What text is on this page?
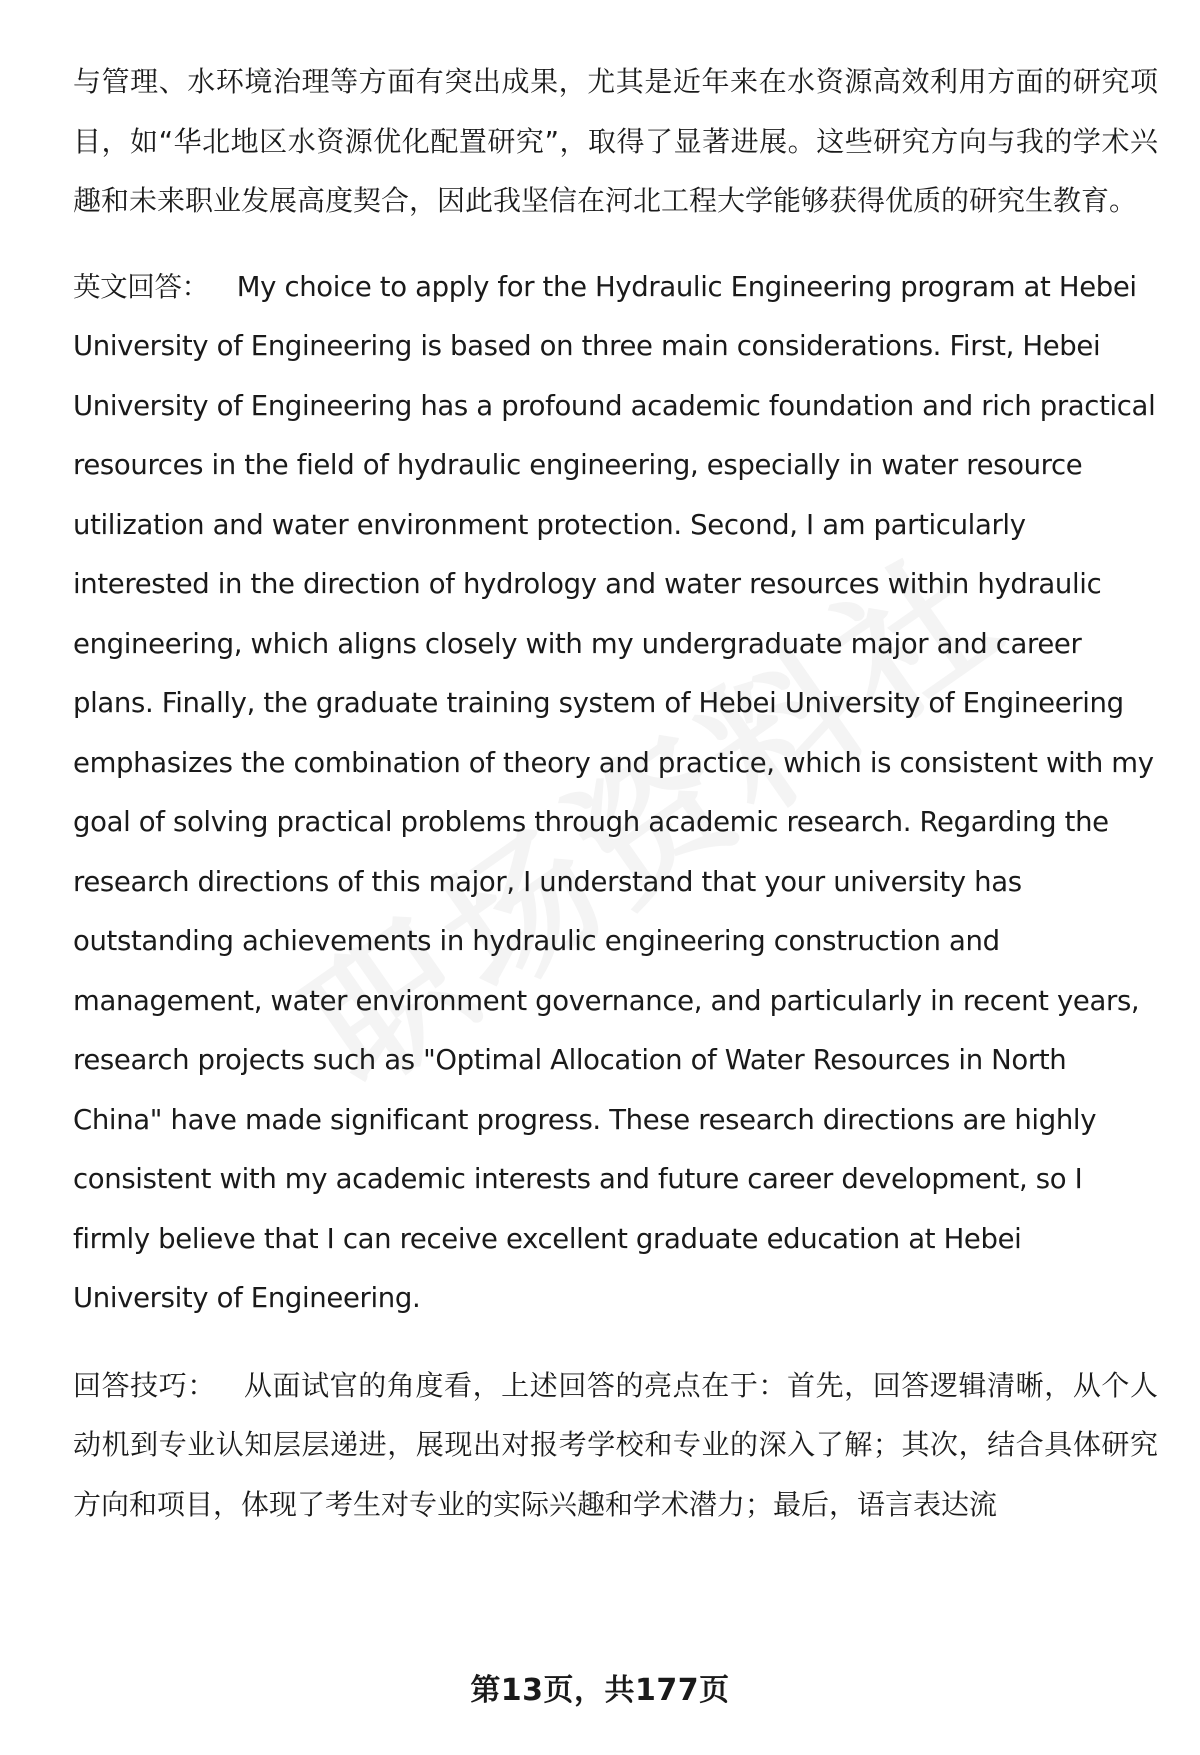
与管理、水环境治理等方面有突出成果，尤其是近年来在水资源高效利用方面的研究项目，如“华北地区水资源优化配置研究”，取得了显著进展。这些研究方向与我的学术兴趣和未来职业发展高度契合，因此我坚信在河北工程大学能够获得优质的研究生教育。

英文回答： My choice to apply for the Hydraulic Engineering program at Hebei University of Engineering is based on three main considerations. First, Hebei University of Engineering has a profound academic foundation and rich practical resources in the field of hydraulic engineering, especially in water resource utilization and water environment protection. Second, I am particularly interested in the direction of hydrology and water resources within hydraulic engineering, which aligns closely with my undergraduate major and career plans. Finally, the graduate training system of Hebei University of Engineering emphasizes the combination of theory and practice, which is consistent with my goal of solving practical problems through academic research. Regarding the research directions of this major, I understand that your university has outstanding achievements in hydraulic engineering construction and management, water environment governance, and particularly in recent years, research projects such as "Optimal Allocation of Water Resources in North China" have made significant progress. These research directions are highly consistent with my academic interests and future career development, so I firmly believe that I can receive excellent graduate education at Hebei University of Engineering.

回答技巧： 从面试官的角度看，上述回答的亮点在于：首先，回答逻辑清晰，从个人动机到专业认知层层递进，展现出对报考学校和专业的深入了解；其次，结合具体研究方向和项目，体现了考生对专业的实际兴趣和学术潜力；最后，语言表达流

第13页，共177页
